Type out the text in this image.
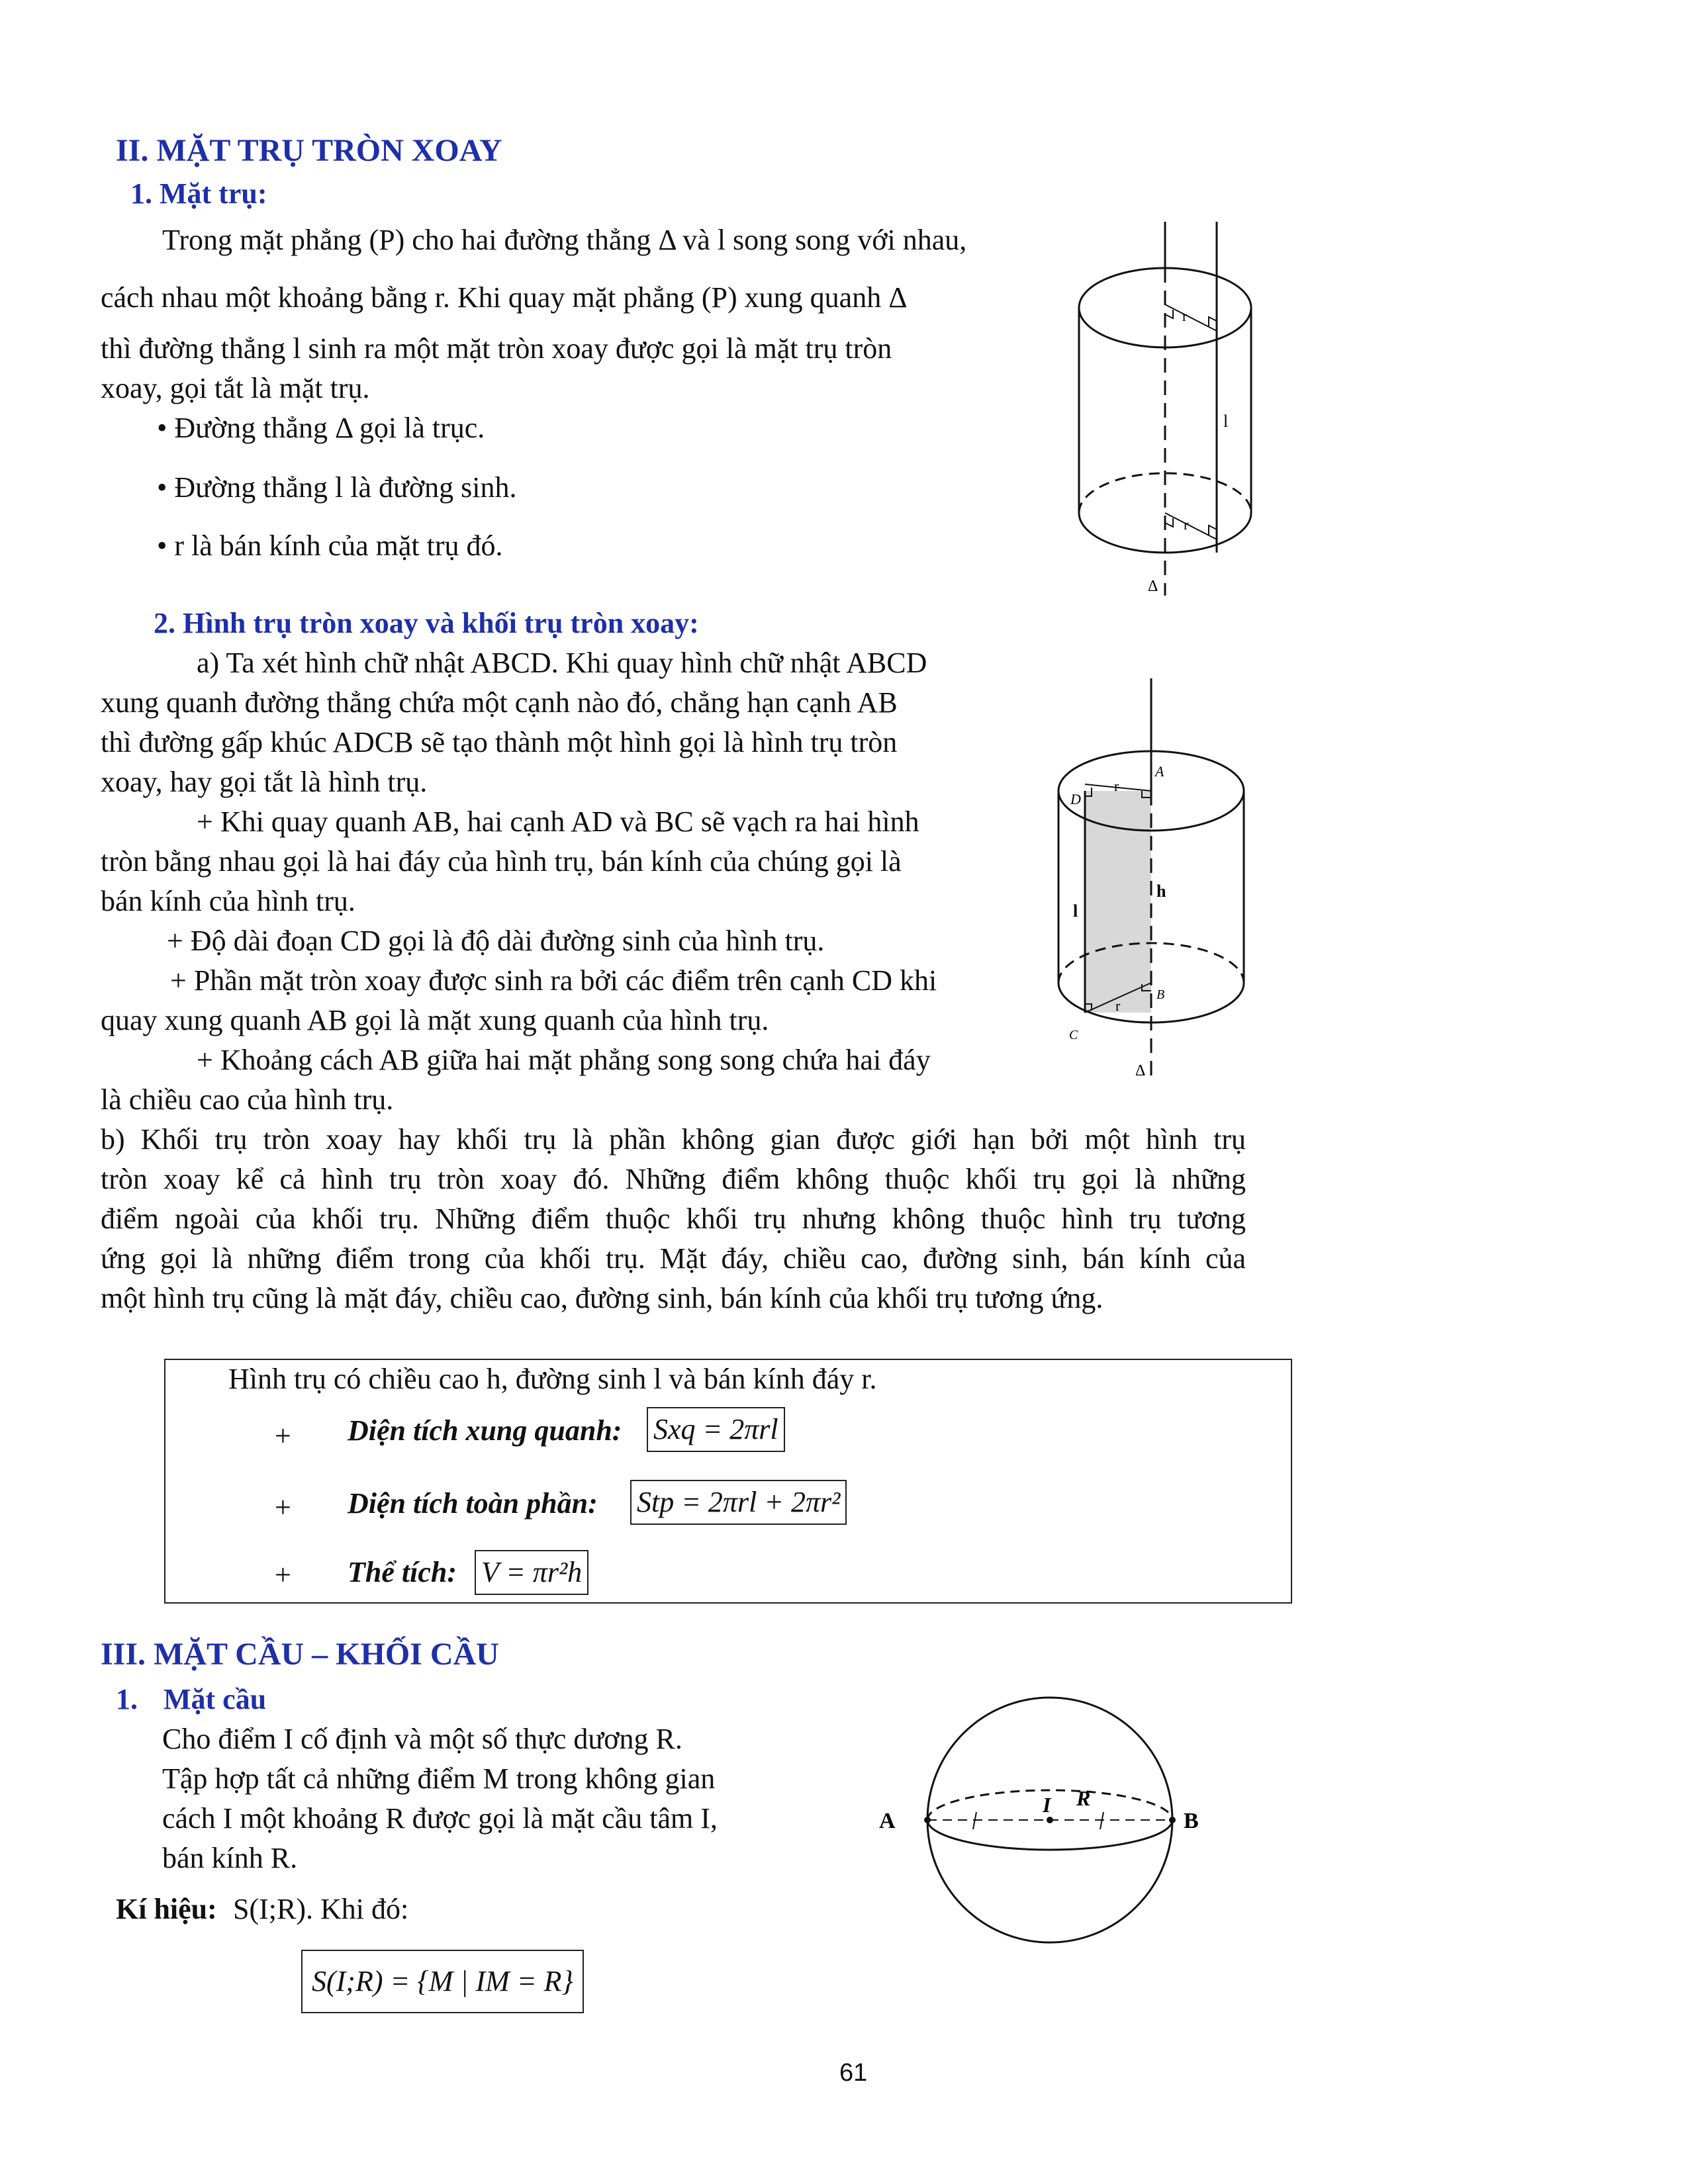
II. MẶT TRỤ TRÒN XOAY
1. Mặt trụ:
Trong mặt phẳng (P) cho hai đường thẳng Δ và l song song với nhau,
cách nhau một khoảng bằng r. Khi quay mặt phẳng (P) xung quanh Δ
thì đường thẳng l sinh ra một mặt tròn xoay được gọi là mặt trụ tròn
xoay, gọi tắt là mặt trụ.
• Đường thẳng Δ gọi là trục.
• Đường thẳng l là đường sinh.
• r là bán kính của mặt trụ đó.
r
l
r
Δ
2. Hình trụ tròn xoay và khối trụ tròn xoay:
a) Ta xét hình chữ nhật ABCD. Khi quay hình chữ nhật ABCD
xung quanh đường thẳng chứa một cạnh nào đó, chẳng hạn cạnh AB
thì đường gấp khúc ADCB sẽ tạo thành một hình gọi là hình trụ tròn
xoay, hay gọi tắt là hình trụ.
+ Khi quay quanh AB, hai cạnh AD và BC sẽ vạch ra hai hình
tròn bằng nhau gọi là hai đáy của hình trụ, bán kính của chúng gọi là
bán kính của hình trụ.
+ Độ dài đoạn CD gọi là độ dài đường sinh của hình trụ.
+ Phần mặt tròn xoay được sinh ra bởi các điểm trên cạnh CD khi
quay xung quanh AB gọi là mặt xung quanh của hình trụ.
+ Khoảng cách AB giữa hai mặt phẳng song song chứa hai đáy
là chiều cao của hình trụ.
A
D
r
h
l
r
B
C
Δ
b) Khối trụ tròn xoay hay khối trụ là phần không gian được giới hạn bởi một hình trụ
tròn xoay kể cả hình trụ tròn xoay đó. Những điểm không thuộc khối trụ gọi là những
điểm ngoài của khối trụ. Những điểm thuộc khối trụ nhưng không thuộc hình trụ tương
ứng gọi là những điểm trong của khối trụ. Mặt đáy, chiều cao, đường sinh, bán kính của
một hình trụ cũng là mặt đáy, chiều cao, đường sinh, bán kính của khối trụ tương ứng.
Hình trụ có chiều cao h, đường sinh l và bán kính đáy r.
+ Diện tích xung quanh: Sxq = 2πrl
+ Diện tích toàn phần: Stp = 2πrl + 2πr²
+ Thể tích: V = πr²h
III. MẶT CẦU – KHỐI CẦU
1. Mặt cầu
Cho điểm I cố định và một số thực dương R.
Tập hợp tất cả những điểm M trong không gian
cách I một khoảng R được gọi là mặt cầu tâm I,
bán kính R.
Kí hiệu: S(I;R). Khi đó:
S(I;R) = {M | IM = R}
A
I R
B
61
